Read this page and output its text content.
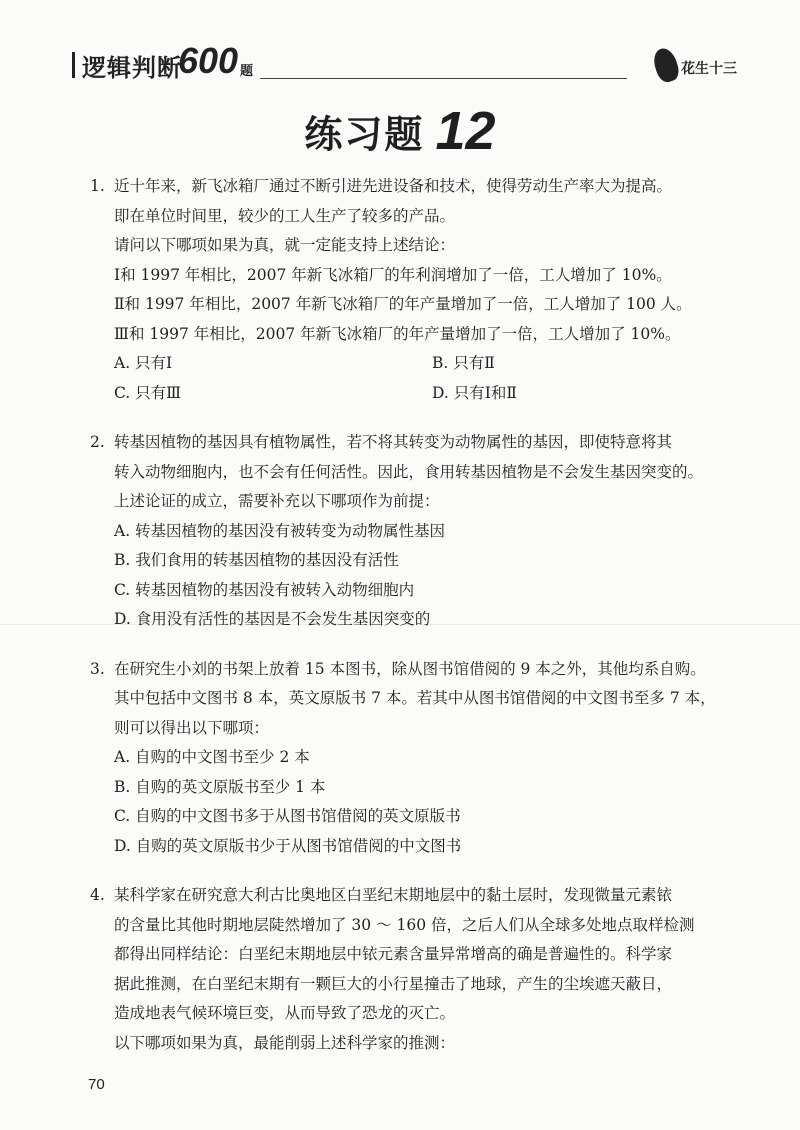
逻辑判断
600 题	花生十三
练习题 12
1. 近十年来，新飞冰箱厂通过不断引进先进设备和技术，使得劳动生产率大为提高。
即在单位时间里，较少的工人生产了较多的产品。
请问以下哪项如果为真，就一定能支持上述结论：
Ⅰ和 1997 年相比，2007 年新飞冰箱厂的年利润增加了一倍，工人增加了 10%。
Ⅱ和 1997 年相比，2007 年新飞冰箱厂的年产量增加了一倍，工人增加了 100 人。
Ⅲ和 1997 年相比，2007 年新飞冰箱厂的年产量增加了一倍，工人增加了 10%。
A. 只有Ⅰ	B. 只有Ⅱ
C. 只有Ⅲ	D. 只有Ⅰ和Ⅱ
2. 转基因植物的基因具有植物属性，若不将其转变为动物属性的基因，即使特意将其
转入动物细胞内，也不会有任何活性。因此，食用转基因植物是不会发生基因突变的。
上述论证的成立，需要补充以下哪项作为前提：
A. 转基因植物的基因没有被转变为动物属性基因
B. 我们食用的转基因植物的基因没有活性
C. 转基因植物的基因没有被转入动物细胞内
D. 食用没有活性的基因是不会发生基因突变的
3. 在研究生小刘的书架上放着 15 本图书，除从图书馆借阅的 9 本之外，其他均系自购。
其中包括中文图书 8 本，英文原版书 7 本。若其中从图书馆借阅的中文图书至多 7 本，
则可以得出以下哪项：
A. 自购的中文图书至少 2 本
B. 自购的英文原版书至少 1 本
C. 自购的中文图书多于从图书馆借阅的英文原版书
D. 自购的英文原版书少于从图书馆借阅的中文图书
4. 某科学家在研究意大利古比奥地区白垩纪末期地层中的黏土层时，发现微量元素铱
的含量比其他时期地层陡然增加了 30 ～ 160 倍，之后人们从全球多处地点取样检测
都得出同样结论：白垩纪末期地层中铱元素含量异常增高的确是普遍性的。科学家
据此推测，在白垩纪末期有一颗巨大的小行星撞击了地球，产生的尘埃遮天蔽日，
造成地表气候环境巨变，从而导致了恐龙的灭亡。
以下哪项如果为真，最能削弱上述科学家的推测：
70
